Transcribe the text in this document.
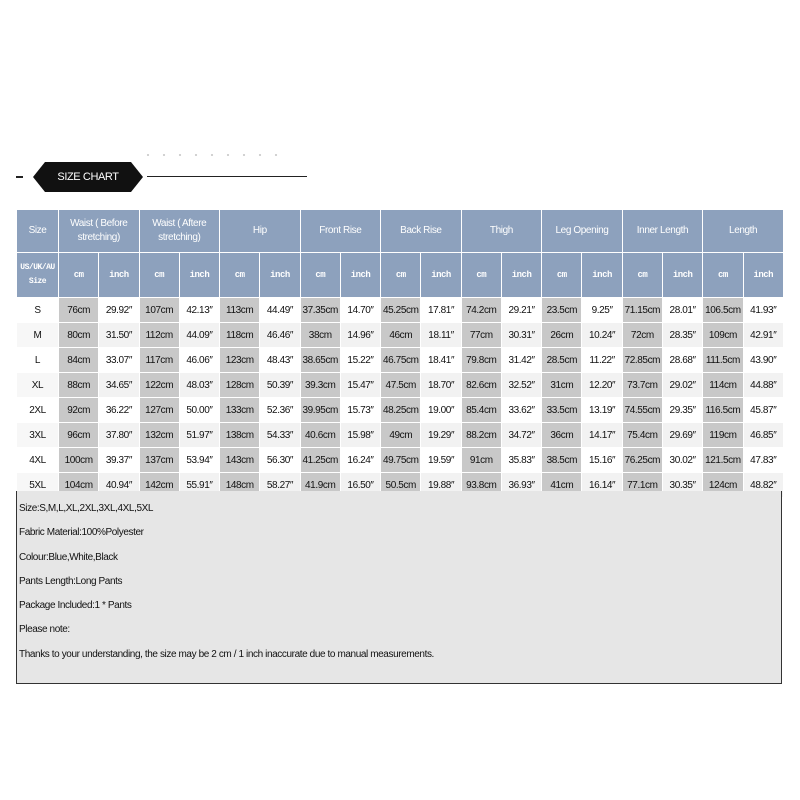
SIZE CHART
Size	Waist ( Before stretching)		Waist ( Aftere stretching)		Hip		Front Rise		Back Rise		Thigh		Leg Opening		Inner Length		Length	
US/UK/AU Size	cm	inch	cm	inch	cm	inch	cm	inch	cm	inch	cm	inch	cm	inch	cm	inch	cm	inch
S	76cm	29.92″	107cm	42.13″	113cm	44.49″	37.35cm	14.70″	45.25cm	17.81″	74.2cm	29.21″	23.5cm	9.25″	71.15cm	28.01″	106.5cm	41.93″
M	80cm	31.50″	112cm	44.09″	118cm	46.46″	38cm	14.96″	46cm	18.11″	77cm	30.31″	26cm	10.24″	72cm	28.35″	109cm	42.91″
L	84cm	33.07″	117cm	46.06″	123cm	48.43″	38.65cm	15.22″	46.75cm	18.41″	79.8cm	31.42″	28.5cm	11.22″	72.85cm	28.68″	111.5cm	43.90″
XL	88cm	34.65″	122cm	48.03″	128cm	50.39″	39.3cm	15.47″	47.5cm	18.70″	82.6cm	32.52″	31cm	12.20″	73.7cm	29.02″	114cm	44.88″
2XL	92cm	36.22″	127cm	50.00″	133cm	52.36″	39.95cm	15.73″	48.25cm	19.00″	85.4cm	33.62″	33.5cm	13.19″	74.55cm	29.35″	116.5cm	45.87″
3XL	96cm	37.80″	132cm	51.97″	138cm	54.33″	40.6cm	15.98″	49cm	19.29″	88.2cm	34.72″	36cm	14.17″	75.4cm	29.69″	119cm	46.85″
4XL	100cm	39.37″	137cm	53.94″	143cm	56.30″	41.25cm	16.24″	49.75cm	19.59″	91cm	35.83″	38.5cm	15.16″	76.25cm	30.02″	121.5cm	47.83″
5XL	104cm	40.94″	142cm	55.91″	148cm	58.27″	41.9cm	16.50″	50.5cm	19.88″	93.8cm	36.93″	41cm	16.14″	77.1cm	30.35″	124cm	48.82″
Size:S,M,L,XL,2XL,3XL,4XL,5XL
Fabric Material:100%Polyester
Colour:Blue,White,Black
Pants Length:Long Pants
Package Included:1 * Pants
Please note:
Thanks to your understanding, the size may be 2 cm / 1 inch inaccurate due to manual measurements.
